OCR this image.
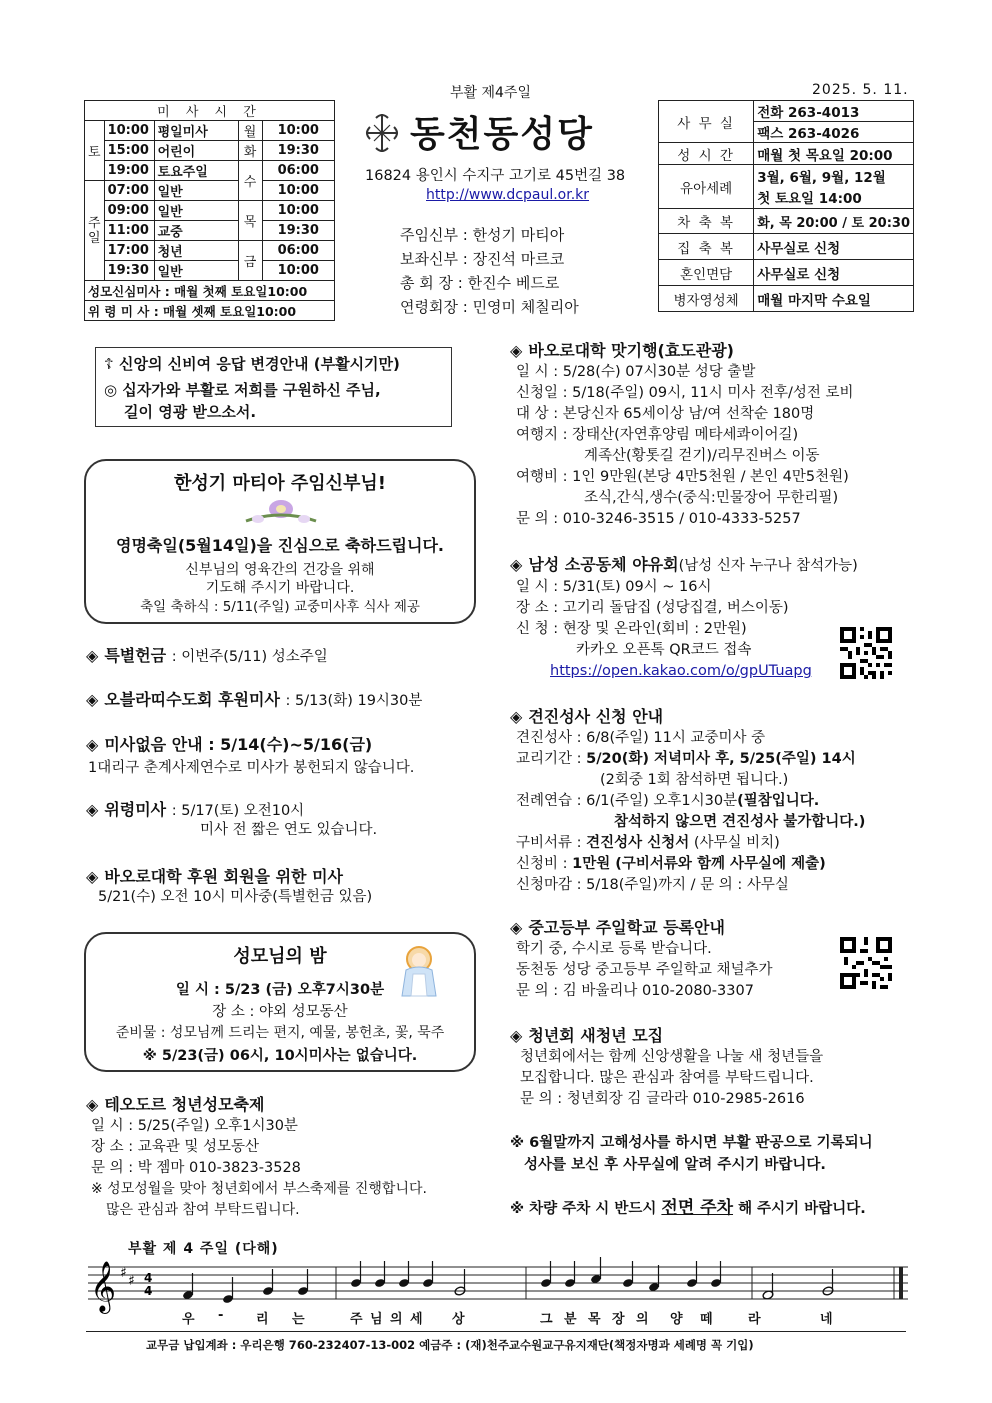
부활 제4주일	2025. 5. 11.
미 사 시 간				
토	10:00	평일미사	월	10:00
	15:00	어린이	화	19:30
	19:00	토요주일	수	06:00
주일	07:00	일반		10:00
	09:00	일반	목	10:00
	11:00	교중		19:30
	17:00	청년	금	06:00
	19:30	일반		10:00
성모신심미사 : 매월 첫째 토요일10:00				
위 령 미 사 : 매월 셋째 토요일10:00				
동천동성당
16824 용인시 수지구 고기로 45번길 38
http://www.dcpaul.or.kr
주임신부 : 한성기 마티아
보좌신부 : 장진석 마르코
총 회 장 : 한진수 베드로
연령회장 : 민영미 체칠리아
사 무 실	전화 263-4013
	팩스 263-4026
성 시 간	매월 첫 목요일 20:00
유아세례	3월, 6월, 9월, 12월
	첫 토요일 14:00
차 축 복	화, 목 20:00 / 토 20:30
집 축 복	사무실로 신청
혼인면담	사무실로 신청
병자영성체	매월 마지막 수요일
☦ 신앙의 신비여 응답 변경안내 (부활시기만)
◎ 십자가와 부활로 저희를 구원하신 주님,
길이 영광 받으소서.
한성기 마티아 주임신부님!
영명축일(5월14일)을 진심으로 축하드립니다.
신부님의 영육간의 건강을 위해
기도해 주시기 바랍니다.
축일 축하식 : 5/11(주일) 교중미사후 식사 제공
◈ 특별헌금 : 이번주(5/11) 성소주일
◈ 오블라띠수도회 후원미사 : 5/13(화) 19시30분
◈ 미사없음 안내 : 5/14(수)~5/16(금)
1대리구 춘계사제연수로 미사가 봉헌되지 않습니다.
◈ 위령미사 : 5/17(토) 오전10시
미사 전 짧은 연도 있습니다.
◈ 바오로대학 후원 회원을 위한 미사
5/21(수) 오전 10시 미사중(특별헌금 있음)
성모님의 밤
일 시 : 5/23 (금) 오후7시30분
장 소 : 야외 성모동산
준비물 : 성모님께 드리는 편지, 예물, 봉헌초, 꽃, 묵주
※ 5/23(금) 06시, 10시미사는 없습니다.
◈ 테오도르 청년성모축제
일 시 : 5/25(주일) 오후1시30분
장 소 : 교육관 및 성모동산
문 의 : 박 젬마 010-3823-3528
※ 성모성월을 맞아 청년회에서 부스축제를 진행합니다.
많은 관심과 참여 부탁드립니다.
◈ 바오로대학 맛기행(효도관광)
일 시 : 5/28(수) 07시30분 성당 출발
신청일 : 5/18(주일) 09시, 11시 미사 전후/성전 로비
대 상 : 본당신자 65세이상 남/여 선착순 180명
여행지 : 장태산(자연휴양림 메타세콰이어길)
계족산(황톳길 걷기)/리무진버스 이동
여행비 : 1인 9만원(본당 4만5천원 / 본인 4만5천원)
조식,간식,생수(중식:민물장어 무한리필)
문 의 : 010-3246-3515 / 010-4333-5257
◈ 남성 소공동체 야유회(남성 신자 누구나 참석가능)
일 시 : 5/31(토) 09시 ~ 16시
장 소 : 고기리 돌담집 (성당집결, 버스이동)
신 청 : 현장 및 온라인(회비 : 2만원)
카카오 오픈톡 QR코드 접속
https://open.kakao.com/o/gpUTuapg
◈ 견진성사 신청 안내
견진성사 : 6/8(주일) 11시 교중미사 중
교리기간 : 5/20(화) 저녁미사 후, 5/25(주일) 14시
(2회중 1회 참석하면 됩니다.)
전례연습 : 6/1(주일) 오후1시30분(필참입니다.
참석하지 않으면 견진성사 불가합니다.)
구비서류 : 견진성사 신청서 (사무실 비치)
신청비 : 1만원 (구비서류와 함께 사무실에 제출)
신청마감 : 5/18(주일)까지 / 문 의 : 사무실
◈ 중고등부 주일학교 등록안내
학기 중, 수시로 등록 받습니다.
동천동 성당 중고등부 주일학교 채널추가
문 의 : 김 바울리나 010-2080-3307
◈ 청년회 새청년 모집
청년회에서는 함께 신앙생활을 나눌 새 청년들을
모집합니다. 많은 관심과 참여를 부탁드립니다.
문 의 : 청년회장 김 글라라 010-2985-2616
※ 6월말까지 고해성사를 하시면 부활 판공으로 기록되니
성사를 보신 후 사무실에 알려 주시기 바랍니다.
※ 차량 주차 시 반드시 전면 주차 해 주시기 바랍니다.
부활 제 4 주일 (다해)
𝄞 ♯ ♯ 4
4
우 -	리 는	주 님 의 세 상	그 분 목 장 의 양 떼	라	네
교무금 납입계좌 : 우리은행 760-232407-13-002 예금주 : (재)천주교수원교구유지재단(책정자명과 세례명 꼭 기입)
